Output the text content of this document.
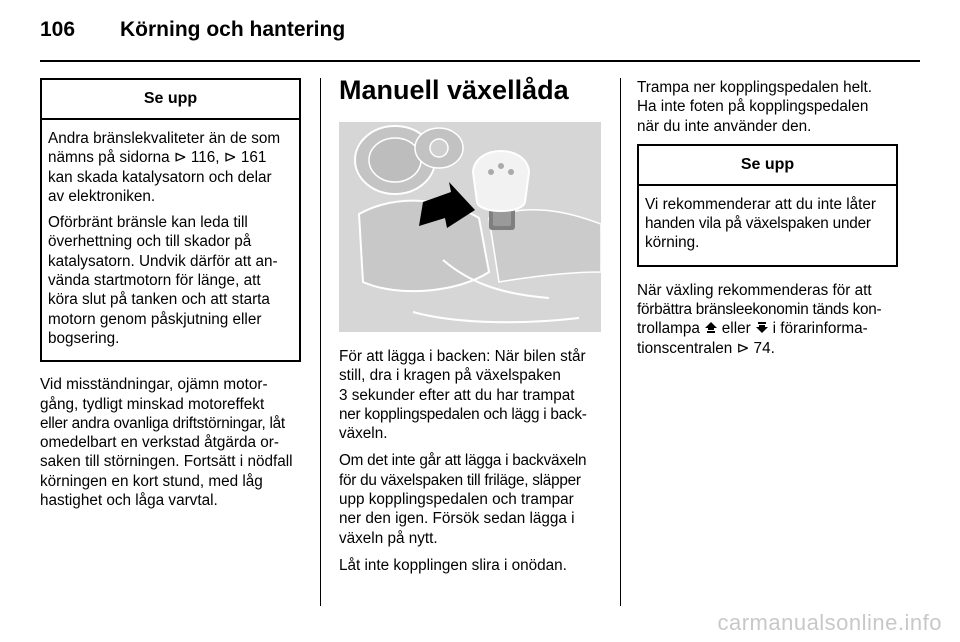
106 Körning och hantering
Se upp

Andra bränslekvaliteter än de som
nämns på sidorna ⊳ 116, ⊳ 161
kan skada katalysatorn och delar
av elektroniken.

Oförbränt bränsle kan leda till
överhettning och till skador på
katalysatorn. Undvik därför att an-
vända startmotorn för länge, att
köra slut på tanken och att starta
motorn genom påskjutning eller
bogsering.

Vid misständningar, ojämn motor-
gång, tydligt minskad motoreffekt
eller andra ovanliga driftstörningar, låt
omedelbart en verkstad åtgärda or-
saken till störningen. Fortsätt i nödfall
körningen en kort stund, med låg
hastighet och låga varvtal.

Manuell växellåda

För att lägga i backen: När bilen står
still, dra i kragen på växelspaken
3 sekunder efter att du har trampat
ner kopplingspedalen och lägg i back-
växeln.

Om det inte går att lägga i backväxeln
för du växelspaken till friläge, släpper
upp kopplingspedalen och trampar
ner den igen. Försök sedan lägga i
växeln på nytt.

Låt inte kopplingen slira i onödan.

Trampa ner kopplingspedalen helt.
Ha inte foten på kopplingspedalen
när du inte använder den.

Se upp

Vi rekommenderar att du inte låter
handen vila på växelspaken under
körning.

När växling rekommenderas för att
förbättra bränsleekonomin tänds kon-
trollampa eller i förarinforma-
tionscentralen ⊳ 74.

carmanualsonline.info
